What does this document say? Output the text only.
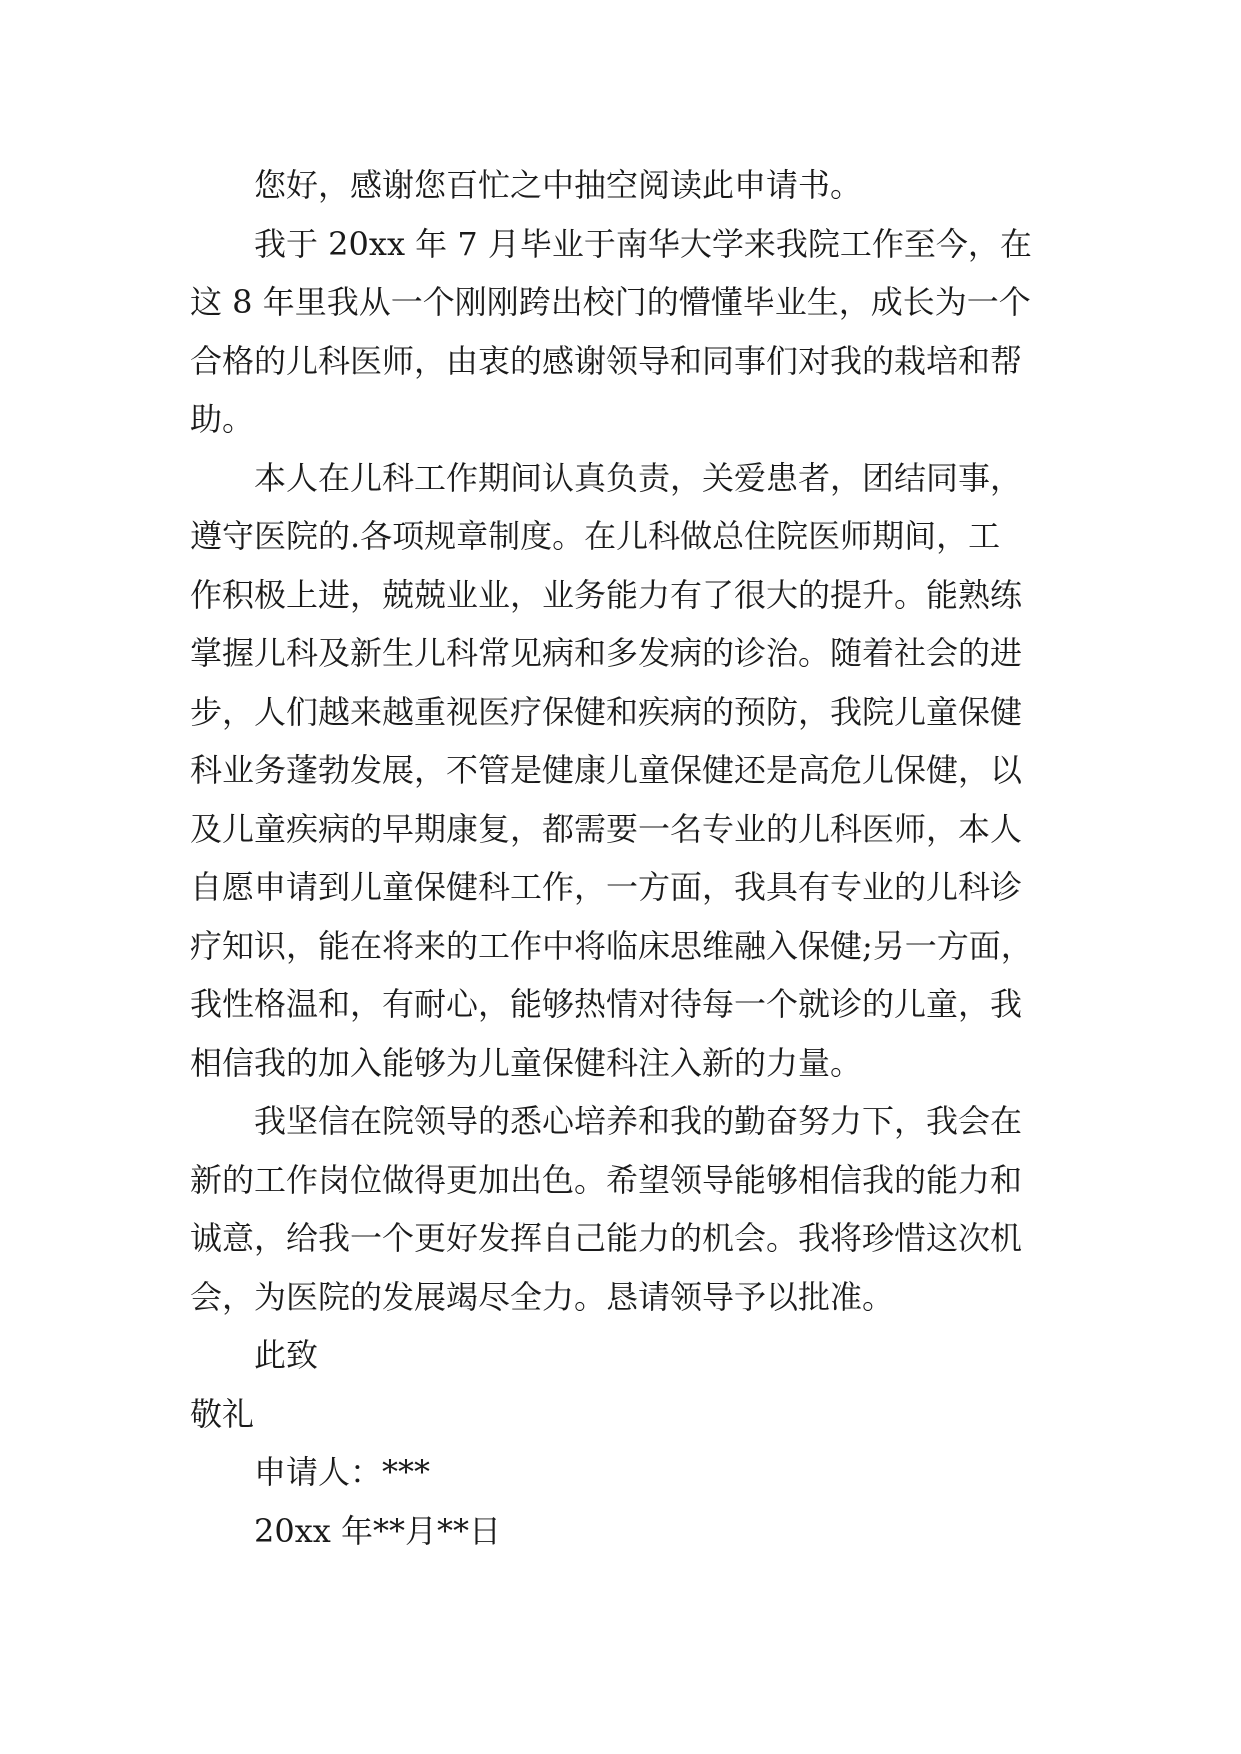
您好，感谢您百忙之中抽空阅读此申请书。

我于 20xx 年 7 月毕业于南华大学来我院工作至今，在
这 8 年里我从一个刚刚跨出校门的懵懂毕业生，成长为一个
合格的儿科医师，由衷的感谢领导和同事们对我的栽培和帮
助。

本人在儿科工作期间认真负责，关爱患者，团结同事，
遵守医院的.各项规章制度。在儿科做总住院医师期间，工
作积极上进，兢兢业业，业务能力有了很大的提升。能熟练
掌握儿科及新生儿科常见病和多发病的诊治。随着社会的进
步，人们越来越重视医疗保健和疾病的预防，我院儿童保健
科业务蓬勃发展，不管是健康儿童保健还是高危儿保健，以
及儿童疾病的早期康复，都需要一名专业的儿科医师，本人
自愿申请到儿童保健科工作，一方面，我具有专业的儿科诊
疗知识，能在将来的工作中将临床思维融入保健;另一方面，
我性格温和，有耐心，能够热情对待每一个就诊的儿童，我
相信我的加入能够为儿童保健科注入新的力量。

我坚信在院领导的悉心培养和我的勤奋努力下，我会在
新的工作岗位做得更加出色。希望领导能够相信我的能力和
诚意，给我一个更好发挥自己能力的机会。我将珍惜这次机
会，为医院的发展竭尽全力。恳请领导予以批准。

此致

敬礼

申请人：***

20xx 年**月**日
